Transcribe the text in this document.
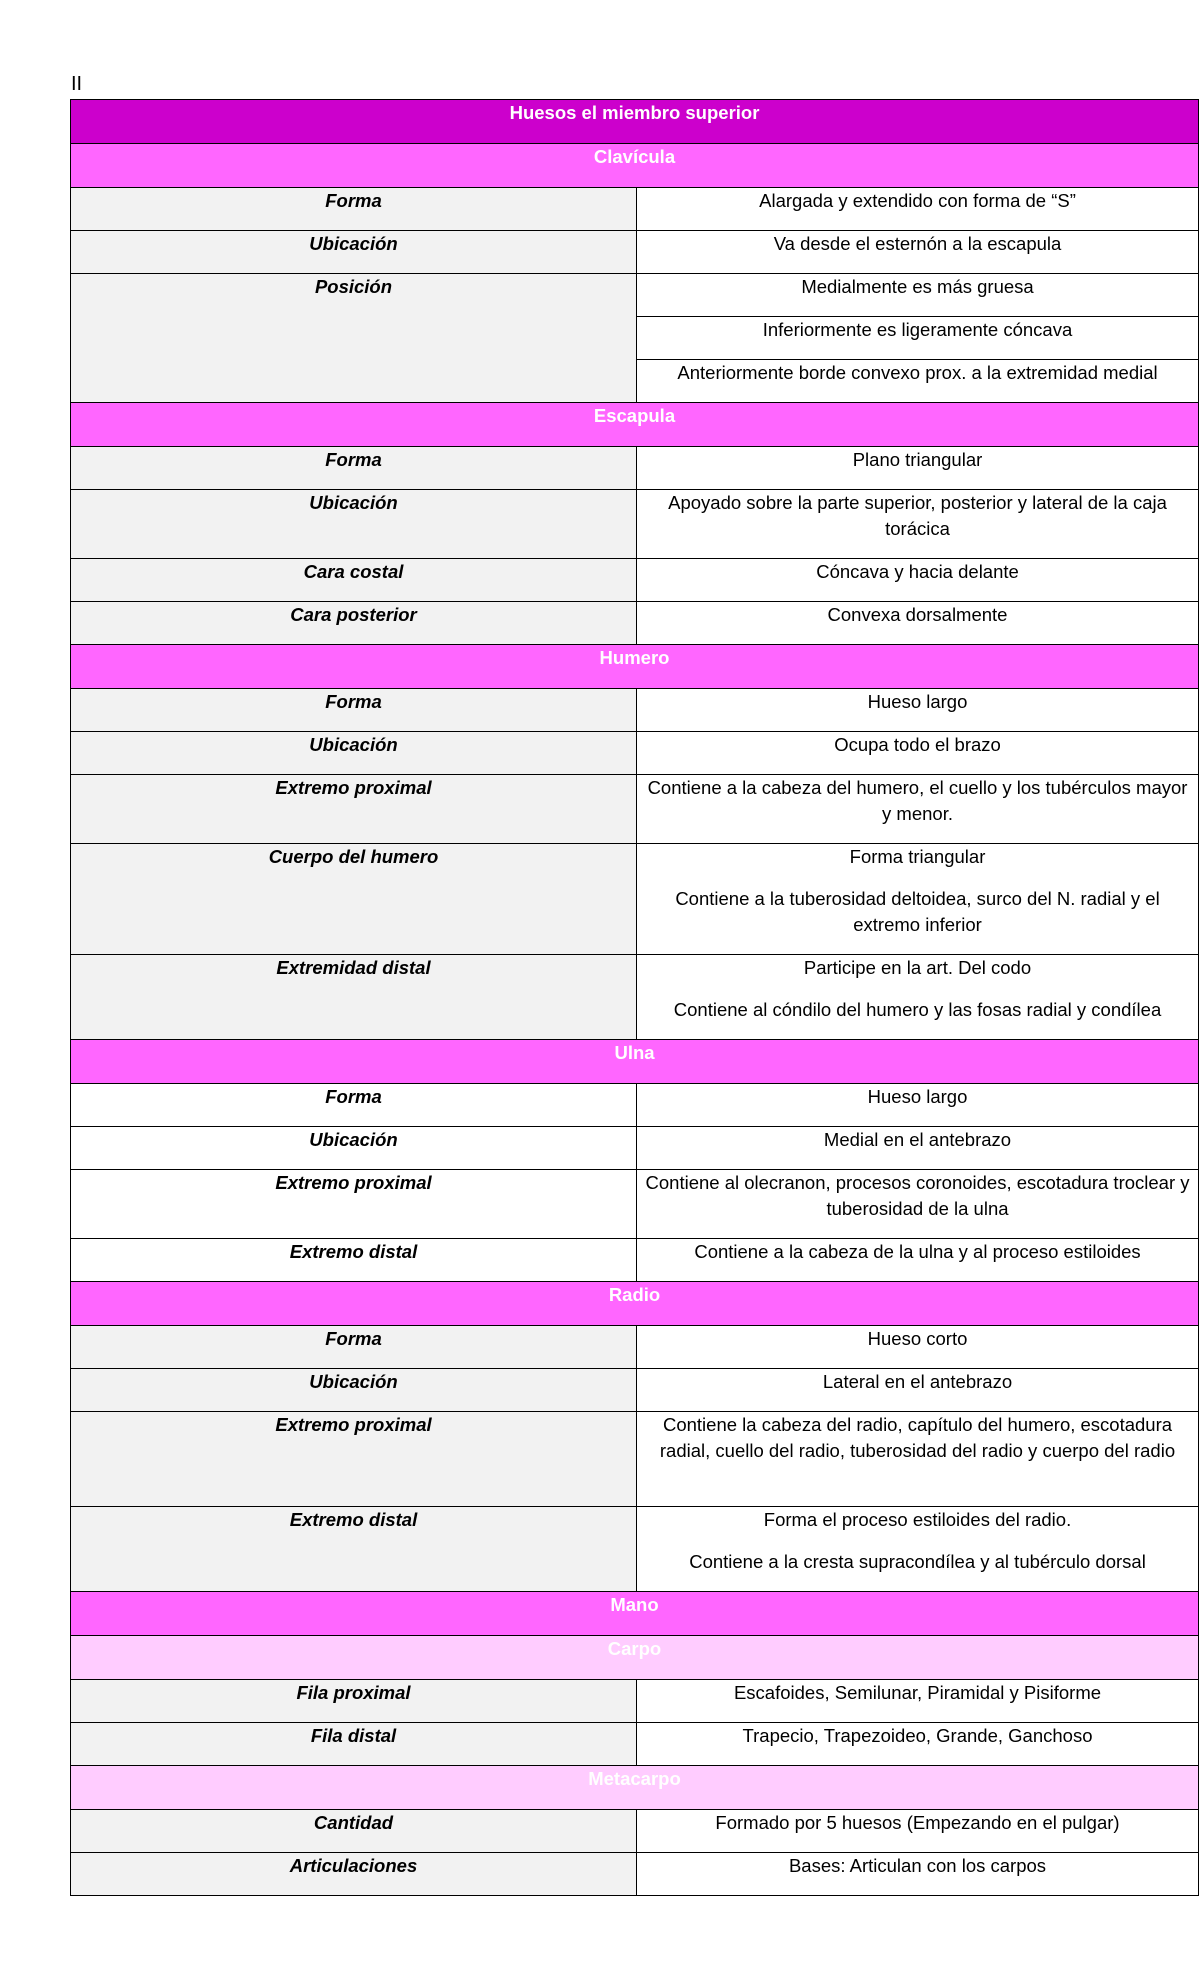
II
Huesos el miembro superior	
Clavícula	
Forma	Alargada y extendido con forma de “S”
Ubicación	Va desde el esternón a la escapula
Posición	Medialmente es más gruesa
	Inferiormente es ligeramente cóncava
	Anteriormente borde convexo prox. a la extremidad medial
Escapula	
Forma	Plano triangular
Ubicación	Apoyado sobre la parte superior, posterior y lateral de la caja torácica
Cara costal	Cóncava y hacia delante
Cara posterior	Convexa dorsalmente
Humero	
Forma	Hueso largo
Ubicación	Ocupa todo el brazo
Extremo proximal	Contiene a la cabeza del humero, el cuello y los tubérculos mayor y menor.
Cuerpo del humero	Forma triangular

Contiene a la tuberosidad deltoidea, surco del N. radial y el extremo inferior

Extremidad distal	Participe en la art. Del codo

Contiene al cóndilo del humero y las fosas radial y condílea

Ulna	
Forma	Hueso largo
Ubicación	Medial en el antebrazo
Extremo proximal	Contiene al olecranon, procesos coronoides, escotadura troclear y tuberosidad de la ulna
Extremo distal	Contiene a la cabeza de la ulna y al proceso estiloides
Radio	
Forma	Hueso corto
Ubicación	Lateral en el antebrazo
Extremo proximal	Contiene la cabeza del radio, capítulo del humero, escotadura radial, cuello del radio, tuberosidad del radio y cuerpo del radio
Extremo distal	Forma el proceso estiloides del radio.

Contiene a la cresta supracondílea y al tubérculo dorsal

Mano	
Carpo	
Fila proximal	Escafoides, Semilunar, Piramidal y Pisiforme
Fila distal	Trapecio, Trapezoideo, Grande, Ganchoso
Metacarpo	
Cantidad	Formado por 5 huesos (Empezando en el pulgar)
Articulaciones	Bases: Articulan con los carpos
